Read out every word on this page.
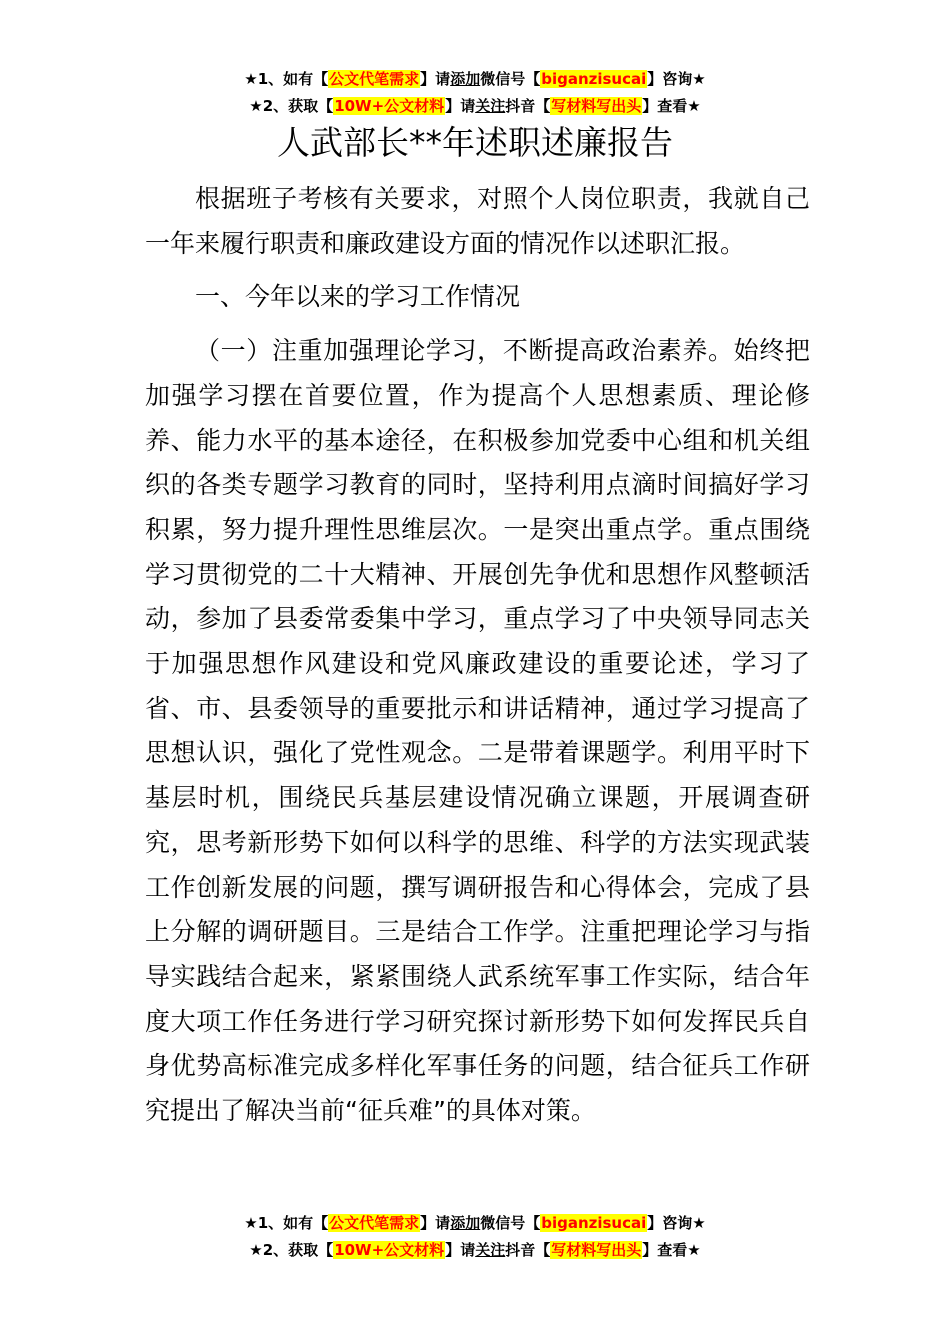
★1、如有【公文代笔需求】请添加微信号【biganzisucai】咨询★
★2、获取【10W+公文材料】请关注抖音【写材料写出头】查看★
人武部长**年述职述廉报告

根据班子考核有关要求，对照个人岗位职责，我就自己一年来履行职责和廉政建设方面的情况作以述职汇报。

一、今年以来的学习工作情况

（一）注重加强理论学习，不断提高政治素养。始终把加强学习摆在首要位置，作为提高个人思想素质、理论修养、能力水平的基本途径，在积极参加党委中心组和机关组织的各类专题学习教育的同时，坚持利用点滴时间搞好学习积累，努力提升理性思维层次。一是突出重点学。重点围绕学习贯彻党的二十大精神、开展创先争优和思想作风整顿活动，参加了县委常委集中学习，重点学习了中央领导同志关于加强思想作风建设和党风廉政建设的重要论述，学习了省、市、县委领导的重要批示和讲话精神，通过学习提高了思想认识，强化了党性观念。二是带着课题学。利用平时下基层时机，围绕民兵基层建设情况确立课题，开展调查研究，思考新形势下如何以科学的思维、科学的方法实现武装工作创新发展的问题，撰写调研报告和心得体会，完成了县上分解的调研题目。三是结合工作学。注重把理论学习与指导实践结合起来，紧紧围绕人武系统军事工作实际，结合年度大项工作任务进行学习研究探讨新形势下如何发挥民兵自身优势高标准完成多样化军事任务的问题，结合征兵工作研究提出了解决当前“征兵难”的具体对策。

★1、如有【公文代笔需求】请添加微信号【biganzisucai】咨询★
★2、获取【10W+公文材料】请关注抖音【写材料写出头】查看★
